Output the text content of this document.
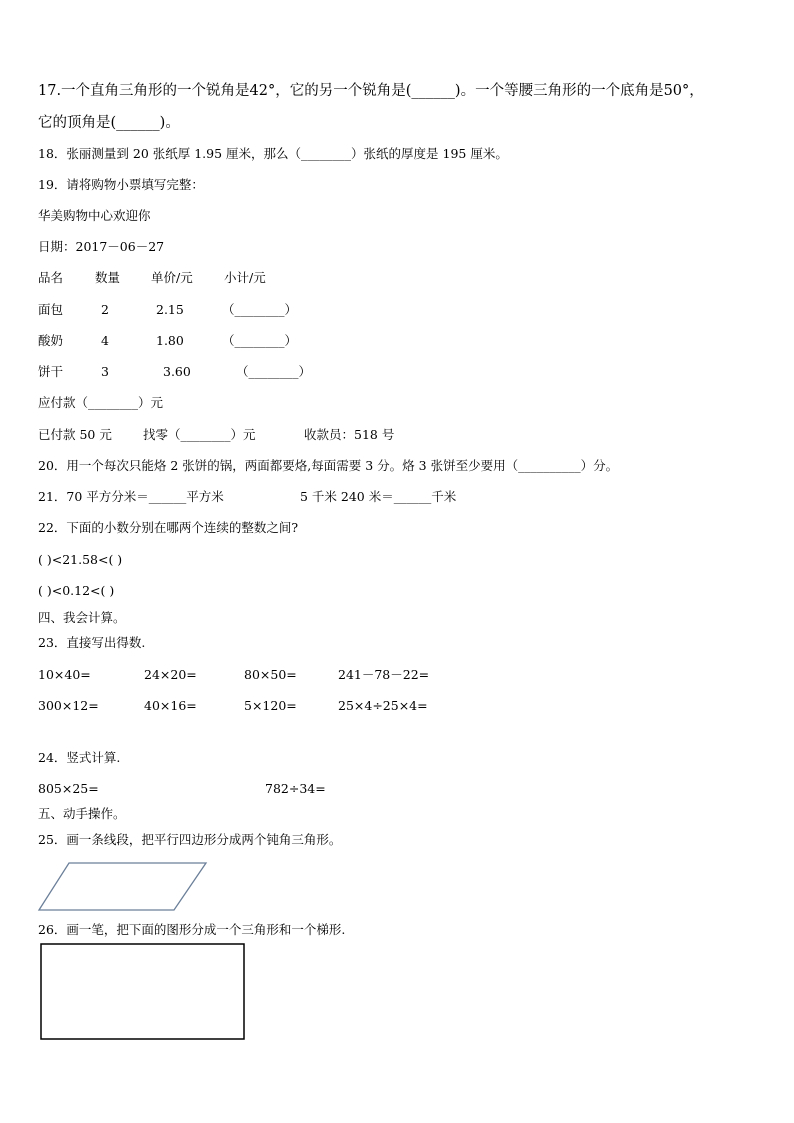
17.一个直角三角形的一个锐角是42°，它的另一个锐角是(______)。一个等腰三角形的一个底角是50°，
它的顶角是(______)。
18．张丽测量到 20 张纸厚 1.95 厘米，那么（________）张纸的厚度是 195 厘米。
19．请将购物小票填写完整：
华美购物中心欢迎你
日期：2017－06－27
品名	数量 单价/元	小计/元
面包	2	2.15	（________）
酸奶	4	1.80	（________）
饼干	3	3.60	（________）
应付款（________）元
已付款 50 元 找零（________）元	收款员：518 号
20．用一个每次只能烙 2 张饼的锅，两面都要烙,每面需要 3 分。烙 3 张饼至少要用（__________）分。
21．70 平方分米＝______平方米	5 千米 240 米＝______千米
22．下面的小数分别在哪两个连续的整数之间?
( )<21.58<( )
( )<0.12<( )
四、我会计算。
23．直接写出得数.
10×40=	24×20=	80×50=	241－78－22=
300×12=	40×16=	5×120=	25×4÷25×4=
24．竖式计算.
805×25=	782÷34=
五、动手操作。
25．画一条线段，把平行四边形分成两个钝角三角形。
26．画一笔，把下面的图形分成一个三角形和一个梯形.
